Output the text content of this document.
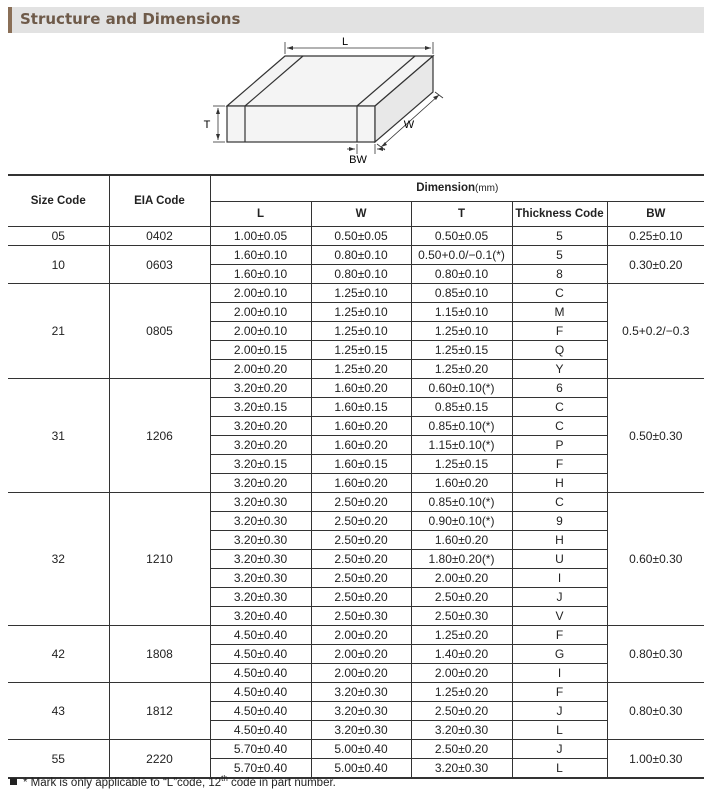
Structure and Dimensions
L
T	W
BW
Size Code	EIA Code	Dimension(mm)				
		L	W	T	Thickness Code	BW
05	0402	1.00±0.05	0.50±0.05	0.50±0.05	5	0.25±0.10
10	0603	1.60±0.10	0.80±0.10	0.50+0.0/−0.1(*)	5	0.30±0.20
		1.60±0.10	0.80±0.10	0.80±0.10	8	
21	0805	2.00±0.10	1.25±0.10	0.85±0.10	C	0.5+0.2/−0.3
		2.00±0.10	1.25±0.10	1.15±0.10	M	
		2.00±0.10	1.25±0.10	1.25±0.10	F	
		2.00±0.15	1.25±0.15	1.25±0.15	Q	
		2.00±0.20	1.25±0.20	1.25±0.20	Y	
31	1206	3.20±0.20	1.60±0.20	0.60±0.10(*)	6	0.50±0.30
		3.20±0.15	1.60±0.15	0.85±0.15	C	
		3.20±0.20	1.60±0.20	0.85±0.10(*)	C	
		3.20±0.20	1.60±0.20	1.15±0.10(*)	P	
		3.20±0.15	1.60±0.15	1.25±0.15	F	
		3.20±0.20	1.60±0.20	1.60±0.20	H	
32	1210	3.20±0.30	2.50±0.20	0.85±0.10(*)	C	0.60±0.30
		3.20±0.30	2.50±0.20	0.90±0.10(*)	9	
		3.20±0.30	2.50±0.20	1.60±0.20	H	
		3.20±0.30	2.50±0.20	1.80±0.20(*)	U	
		3.20±0.30	2.50±0.20	2.00±0.20	I	
		3.20±0.30	2.50±0.20	2.50±0.20	J	
		3.20±0.40	2.50±0.30	2.50±0.30	V	
42	1808	4.50±0.40	2.00±0.20	1.25±0.20	F	0.80±0.30
		4.50±0.40	2.00±0.20	1.40±0.20	G	
		4.50±0.40	2.00±0.20	2.00±0.20	I	
43	1812	4.50±0.40	3.20±0.30	1.25±0.20	F	0.80±0.30
		4.50±0.40	3.20±0.30	2.50±0.20	J	
		4.50±0.40	3.20±0.30	3.20±0.30	L	
55	2220	5.70±0.40	5.00±0.40	2.50±0.20	J	1.00±0.30
		5.70±0.40	5.00±0.40	3.20±0.30	L	
* Mark is only applicable to “L”code, 12th code in part number.
